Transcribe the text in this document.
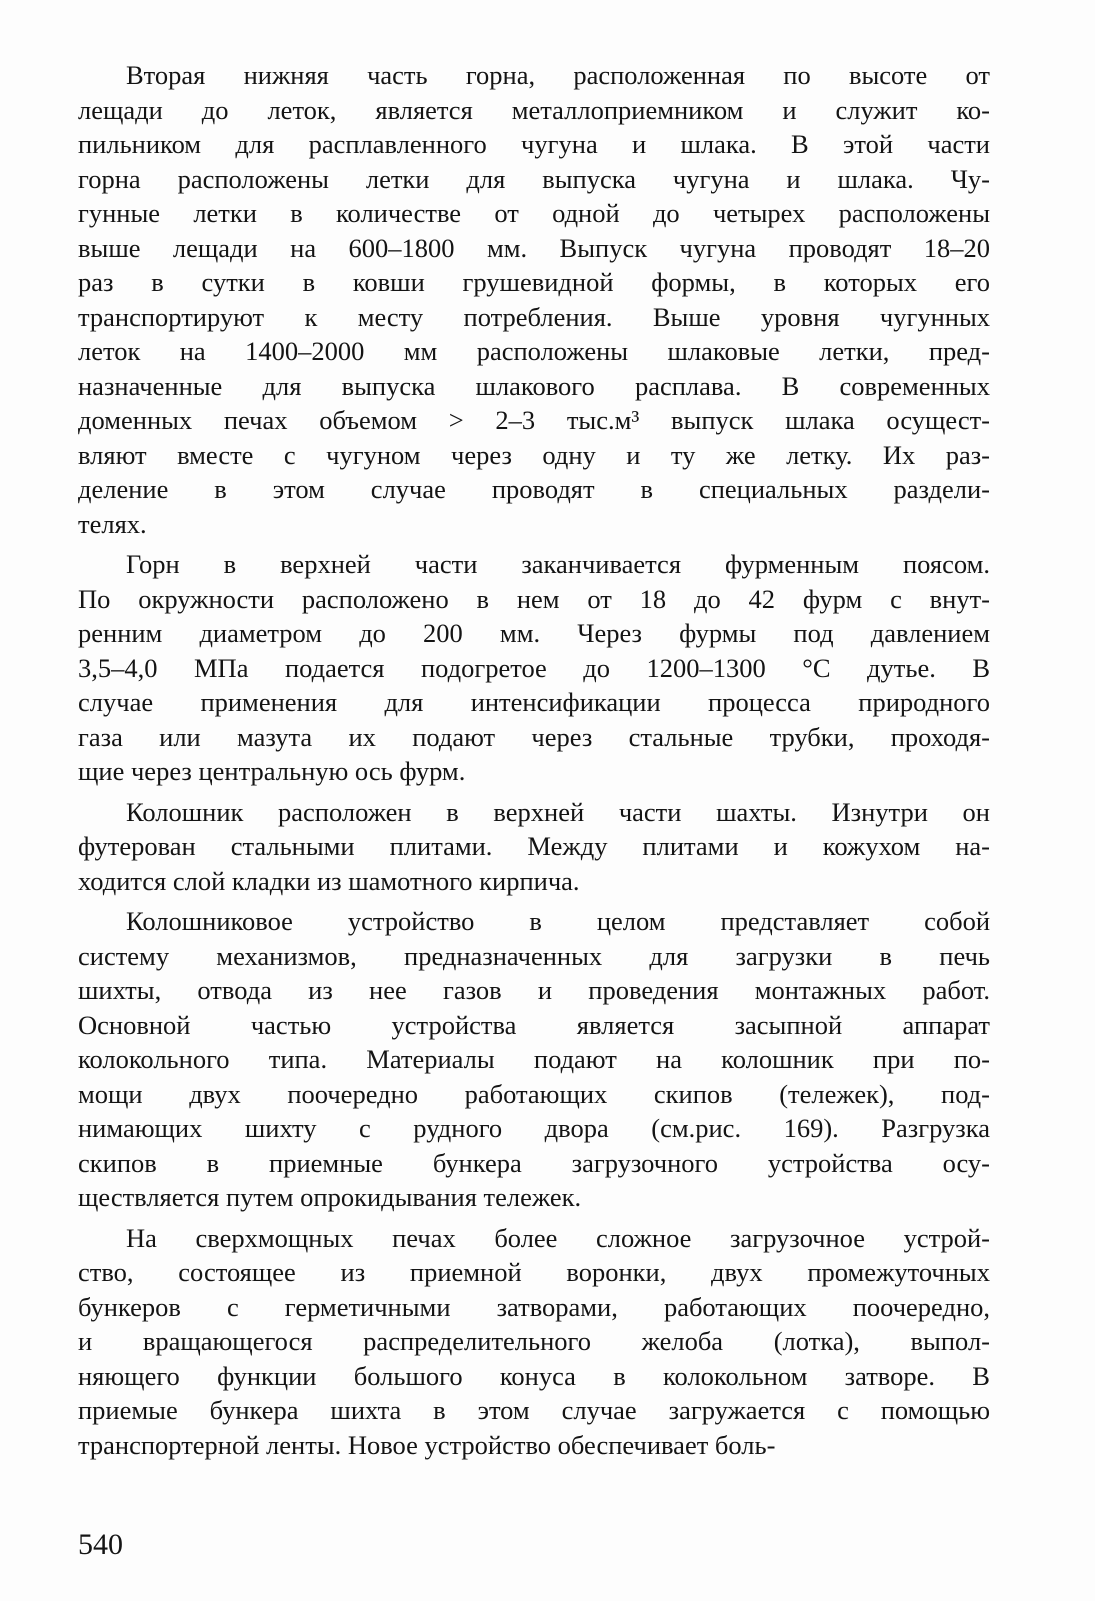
Вторая нижняя часть горна, расположенная по высоте от
лещади до леток, является металлоприемником и служит ко-
пильником для расплавленного чугуна и шлака. В этой части
горна расположены летки для выпуска чугуна и шлака. Чу-
гунные летки в количестве от одной до четырех расположены
выше лещади на 600–1800 мм. Выпуск чугуна проводят 18–20
раз в сутки в ковши грушевидной формы, в которых его
транспортируют к месту потребления. Выше уровня чугунных
леток на 1400–2000 мм расположены шлаковые летки, пред-
назначенные для выпуска шлакового расплава. В современных
доменных печах объемом > 2–3 тыс.м³ выпуск шлака осущест-
вляют вместе с чугуном через одну и ту же летку. Их раз-
деление в этом случае проводят в специальных раздели-
телях.
Горн в верхней части заканчивается фурменным поясом.
По окружности расположено в нем от 18 до 42 фурм с внут-
ренним диаметром до 200 мм. Через фурмы под давлением
3,5–4,0 МПа подается подогретое до 1200–1300 °С дутье. В
случае применения для интенсификации процесса природного
газа или мазута их подают через стальные трубки, проходя-
щие через центральную ось фурм.
Колошник расположен в верхней части шахты. Изнутри он
футерован стальными плитами. Между плитами и кожухом на-
ходится слой кладки из шамотного кирпича.
Колошниковое устройство в целом представляет собой
систему механизмов, предназначенных для загрузки в печь
шихты, отвода из нее газов и проведения монтажных работ.
Основной частью устройства является засыпной аппарат
колокольного типа. Материалы подают на колошник при по-
мощи двух поочередно работающих скипов (тележек), под-
нимающих шихту с рудного двора (см.рис. 169). Разгрузка
скипов в приемные бункера загрузочного устройства осу-
ществляется путем опрокидывания тележек.
На сверхмощных печах более сложное загрузочное устрой-
ство, состоящее из приемной воронки, двух промежуточных
бункеров с герметичными затворами, работающих поочередно,
и вращающегося распределительного желоба (лотка), выпол-
няющего функции большого конуса в колокольном затворе. В
приемые бункера шихта в этом случае загружается с помощью
транспортерной ленты. Новое устройство обеспечивает боль-
540
